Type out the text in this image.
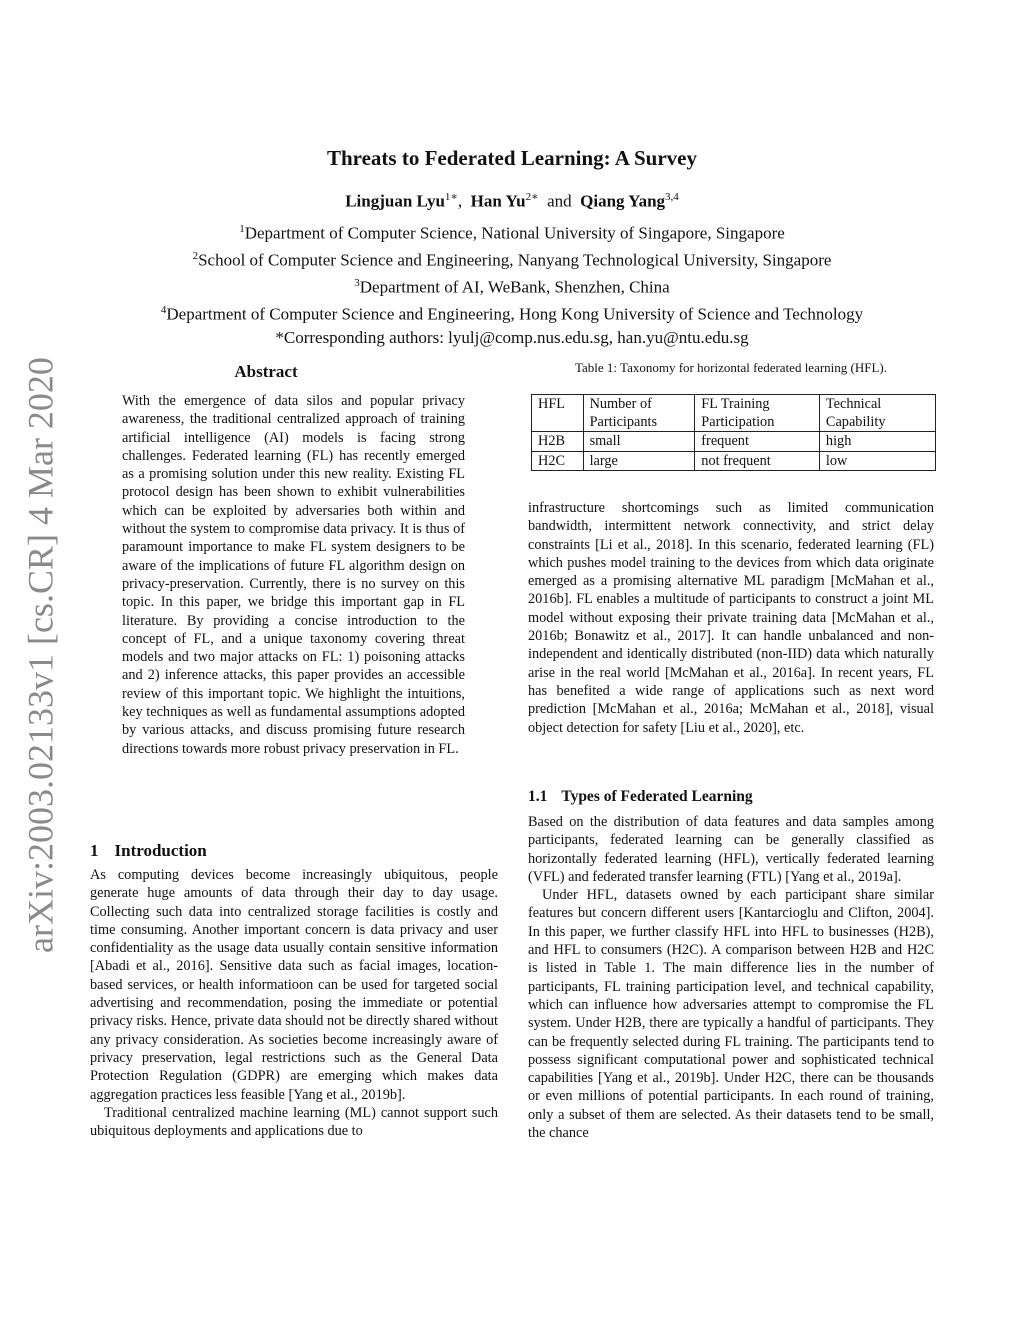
Threats to Federated Learning: A Survey
Lingjuan Lyu$^{1∗}$, Han $Yu^{2∗}$ and Qiang Yang$^{3,4}$
$^1$Department of Computer Science, National University of Singapore, Singapore
$^2$School of Computer Science and Engineering, Nanyang Technological University, Singapore
$^3$Department of AI, WeBank, Shenzhen, China
$^4$Department of Computer Science and Engineering, Hong Kong University of Science and Technology
*Corresponding authors: lyulj@comp.nus.edu.sg, han.yu@ntu.edu.sg
arXiv:2003.02133v1 [cs.CR] 4 Mar 2020	Abstract
With the emergence of data silos and popular privacy awareness, the traditional centralized approach of training artificial intelligence (AI) models is facing strong challenges. Federated learning (FL) has recently emerged as a promising solution under this new reality. Existing FL protocol design has been shown to exhibit vulnerabilities which can be exploited by adversaries both within and without the system to compromise data privacy. It is thus of paramount importance to make FL system designers to be aware of the implications of future FL algorithm design on privacy-preservation. Currently, there is no survey on this topic. In this paper, we bridge this important gap in FL literature. By providing a concise introduction to the concept of FL, and a unique taxonomy covering threat models and two major attacks on FL: 1) poisoning attacks and 2) inference attacks, this paper provides an accessible review of this important topic. We highlight the intuitions, key techniques as well as fundamental assumptions adopted by various attacks, and discuss promising future research directions towards more robust privacy preservation in FL.
1 Introduction

As computing devices become increasingly ubiquitous, people generate huge amounts of data through their day to day usage. Collecting such data into centralized storage facilities is costly and time consuming. Another important concern is data privacy and user confidentiality as the usage data usually contain sensitive information [Abadi et al., 2016]. Sensitive data such as facial images, location-based services, or health informatioon can be used for targeted social advertising and recommendation, posing the immediate or potential privacy risks. Hence, private data should not be directly shared without any privacy consideration. As societies become increasingly aware of privacy preservation, legal restrictions such as the General Data Protection Regulation (GDPR) are emerging which makes data aggregation practices less feasible [Yang et al., 2019b].

Traditional centralized machine learning (ML) cannot support such ubiquitous deployments and applications due to

Table 1: Taxonomy for horizontal federated learning (HFL).
HFL	Number of Participants	FL Training Participation	Technical Capability
H2B	small	frequent	high
H2C	large	not frequent	low
infrastructure shortcomings such as limited communication bandwidth, intermittent network connectivity, and strict delay constraints [Li et al., 2018]. In this scenario, federated learning (FL) which pushes model training to the devices from which data originate emerged as a promising alternative ML paradigm [McMahan et al., 2016b]. FL enables a multitude of participants to construct a joint ML model without exposing their private training data [McMahan et al., 2016b; Bonawitz et al., 2017]. It can handle unbalanced and non-independent and identically distributed (non-IID) data which naturally arise in the real world [McMahan et al., 2016a]. In recent years, FL has benefited a wide range of applications such as next word prediction [McMahan et al., 2016a; McMahan et al., 2018], visual object detection for safety [Liu et al., 2020], etc.
1.1 Types of Federated Learning

Based on the distribution of data features and data samples among participants, federated learning can be generally classified as horizontally federated learning (HFL), vertically federated learning (VFL) and federated transfer learning (FTL) [Yang et al., 2019a].

Under HFL, datasets owned by each participant share similar features but concern different users [Kantarcioglu and Clifton, 2004]. In this paper, we further classify HFL into HFL to businesses (H2B), and HFL to consumers (H2C). A comparison between H2B and H2C is listed in Table 1. The main difference lies in the number of participants, FL training participation level, and technical capability, which can influence how adversaries attempt to compromise the FL system. Under H2B, there are typically a handful of participants. They can be frequently selected during FL training. The participants tend to possess significant computational power and sophisticated technical capabilities [Yang et al., 2019b]. Under H2C, there can be thousands or even millions of potential participants. In each round of training, only a subset of them are selected. As their datasets tend to be small, the chance
